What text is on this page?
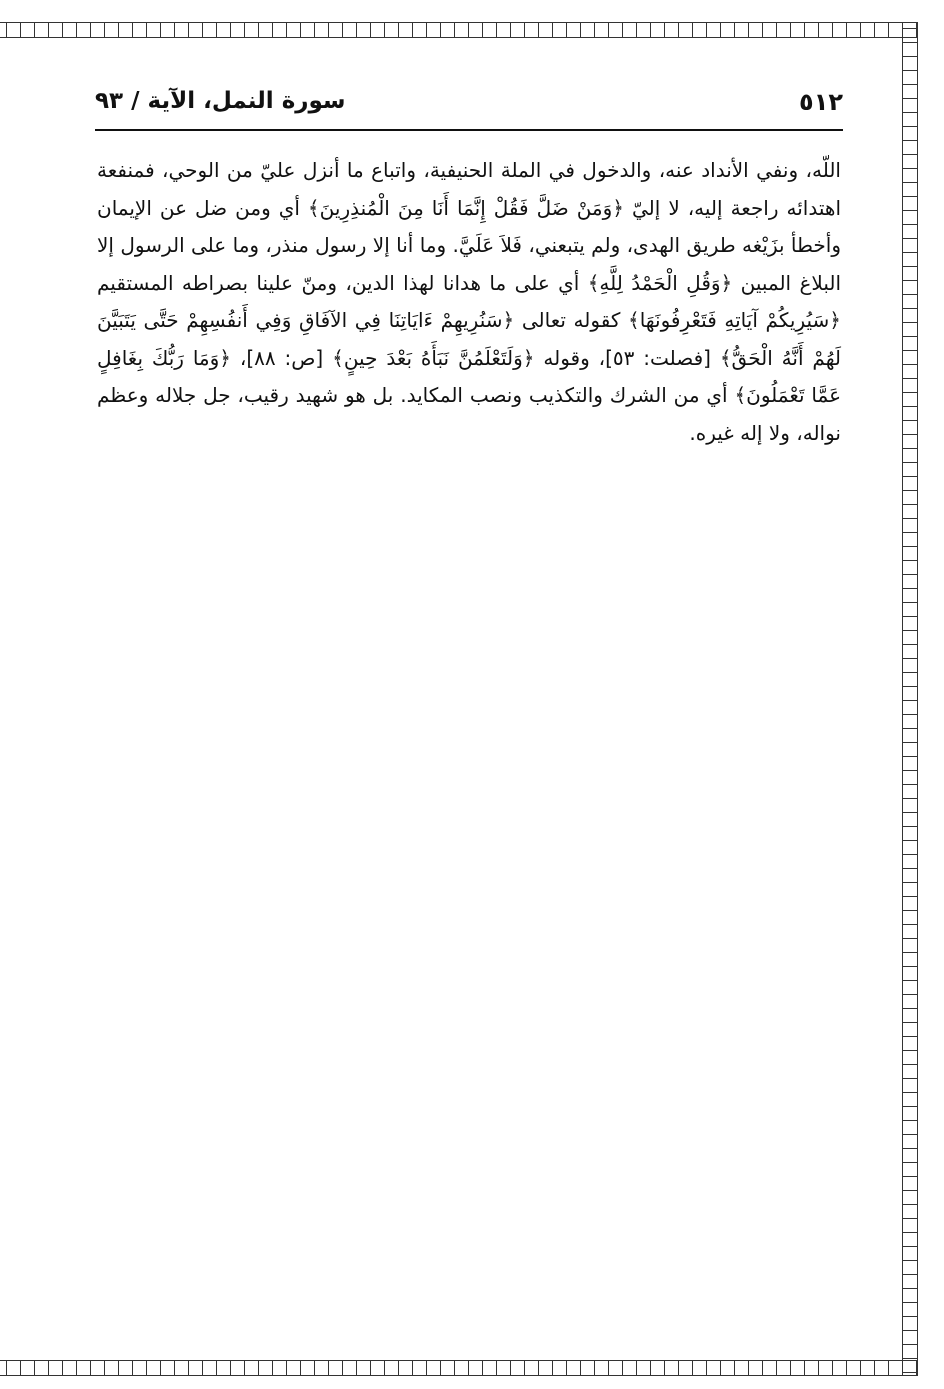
٥١٢
سورة النمل، الآية / ٩٣

اللّه، ونفي الأنداد عنه، والدخول في الملة الحنيفية، واتباع ما أنزل عليّ من الوحي، فمنفعة اهتدائه راجعة إليه، لا إليّ ﴿وَمَنْ ضَلَّ فَقُلْ إِنَّمَا أَنَا مِنَ الْمُنذِرِينَ﴾ أي ومن ضل عن الإيمان وأخطأ بزَيْغه طريق الهدى، ولم يتبعني، فَلاَ عَلَيَّ. وما أنا إلا رسول منذر، وما على الرسول إلا البلاغ المبين ﴿وَقُلِ الْحَمْدُ لِلَّهِ﴾ أي على ما هدانا لهذا الدين، ومنّ علينا بصراطه المستقيم ﴿سَيُرِيكُمْ آيَاتِهِ فَتَعْرِفُونَهَا﴾ كقوله تعالى ﴿سَنُرِيهِمْ ءَايَاتِنَا فِي الآفَاقِ وَفِي أَنفُسِهِمْ حَتَّى يَتَبَيَّنَ لَهُمْ أَنَّهُ الْحَقُّ﴾ [فصلت: ٥٣]، وقوله ﴿وَلَتَعْلَمُنَّ نَبَأَهُ بَعْدَ حِينٍ﴾ [ص: ٨٨]، ﴿وَمَا رَبُّكَ بِغَافِلٍ عَمَّا تَعْمَلُونَ﴾ أي من الشرك والتكذيب ونصب المكايد. بل هو شهيد رقيب، جل جلاله وعظم نواله، ولا إله غيره.
